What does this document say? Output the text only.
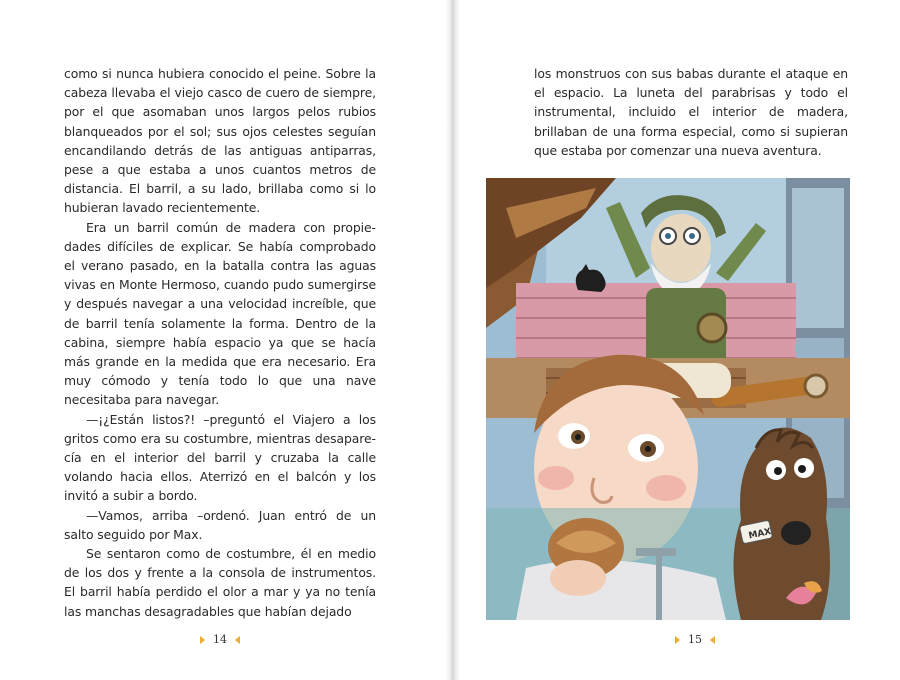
como si nunca hubiera conocido el peine. Sobre la cabeza llevaba el viejo casco de cuero de siempre, por el que asomaban unos largos pelos rubios blanqueados por el sol; sus ojos celestes seguían encandilando detrás de las antiguas antiparras, pese a que estaba a unos cuantos metros de distancia. El barril, a su lado, brillaba como si lo hubieran lavado recientemente.

Era un barril común de madera con propiedades difíciles de explicar. Se había comprobado el verano pasado, en la batalla contra las aguas vivas en Monte Hermoso, cuando pudo sumergirse y después navegar a una velocidad increíble, que de barril tenía solamente la forma. Dentro de la cabina, siempre había espacio ya que se hacía más grande en la medida que era necesario. Era muy cómodo y tenía todo lo que una nave necesitaba para navegar.

—¡¿Están listos?! –preguntó el Viajero a los gritos como era su costumbre, mientras desaparecía en el interior del barril y cruzaba la calle volando hacia ellos. Aterrizó en el balcón y los invitó a subir a bordo.

—Vamos, arriba –ordenó. Juan entró de un salto seguido por Max.

Se sentaron como de costumbre, él en medio de los dos y frente a la consola de instrumentos. El barril había perdido el olor a mar y ya no tenía las manchas desagradables que habían dejado

los monstruos con sus babas durante el ataque en el espacio. La luneta del parabrisas y todo el instrumental, incluido el interior de madera, brillaban de una forma especial, como si supieran que estaba por comenzar una nueva aventura.

MAX
14	15
